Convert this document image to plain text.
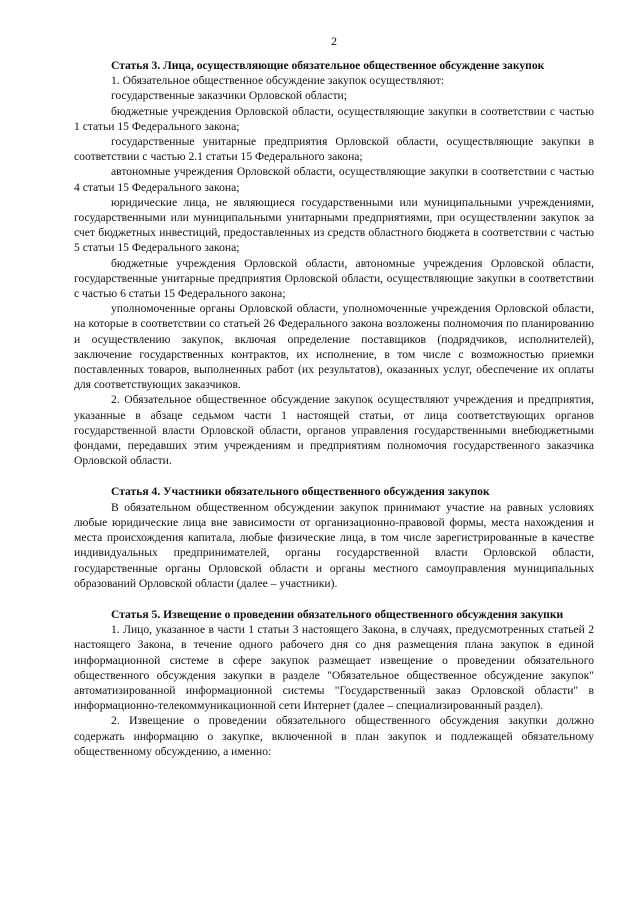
2

Статья 3. Лица, осуществляющие обязательное общественное обсуждение закупок

1. Обязательное общественное обсуждение закупок осуществляют:

государственные заказчики Орловской области;

бюджетные учреждения Орловской области, осуществляющие закупки в соответствии с частью 1 статьи 15 Федерального закона;

государственные унитарные предприятия Орловской области, осуществляющие закупки в соответствии с частью 2.1 статьи 15 Федерального закона;

автономные учреждения Орловской области, осуществляющие закупки в соответствии с частью 4 статьи 15 Федерального закона;

юридические лица, не являющиеся государственными или муниципальными учреждениями, государственными или муниципальными унитарными предприятиями, при осуществлении закупок за счет бюджетных инвестиций, предоставленных из средств областного бюджета в соответствии с частью 5 статьи 15 Федерального закона;

бюджетные учреждения Орловской области, автономные учреждения Орловской области, государственные унитарные предприятия Орловской области, осуществляющие закупки в соответствии с частью 6 статьи 15 Федерального закона;

уполномоченные органы Орловской области, уполномоченные учреждения Орловской области, на которые в соответствии со статьей 26 Федерального закона возложены полномочия по планированию и осуществлению закупок, включая определение поставщиков (подрядчиков, исполнителей), заключение государственных контрактов, их исполнение, в том числе с возможностью приемки поставленных товаров, выполненных работ (их результатов), оказанных услуг, обеспечение их оплаты для соответствующих заказчиков.

2. Обязательное общественное обсуждение закупок осуществляют учреждения и предприятия, указанные в абзаце седьмом части 1 настоящей статьи, от лица соответствующих органов государственной власти Орловской области, органов управления государственными внебюджетными фондами, передавших этим учреждениям и предприятиям полномочия государственного заказчика Орловской области.

Статья 4. Участники обязательного общественного обсуждения закупок

В обязательном общественном обсуждении закупок принимают участие на равных условиях любые юридические лица вне зависимости от организационно-правовой формы, места нахождения и места происхождения капитала, любые физические лица, в том числе зарегистрированные в качестве индивидуальных предпринимателей, органы государственной власти Орловской области, государственные органы Орловской области и органы местного самоуправления муниципальных образований Орловской области (далее – участники).

Статья 5. Извещение о проведении обязательного общественного обсуждения закупки

1. Лицо, указанное в части 1 статьи 3 настоящего Закона, в случаях, предусмотренных статьей 2 настоящего Закона, в течение одного рабочего дня со дня размещения плана закупок в единой информационной системе в сфере закупок размещает извещение о проведении обязательного общественного обсуждения закупки в разделе "Обязательное общественное обсуждение закупок" автоматизированной информационной системы "Государственный заказ Орловской области" в информационно-телекоммуникационной сети Интернет (далее – специализированный раздел).

2. Извещение о проведении обязательного общественного обсуждения закупки должно содержать информацию о закупке, включенной в план закупок и подлежащей обязательному общественному обсуждению, а именно:
